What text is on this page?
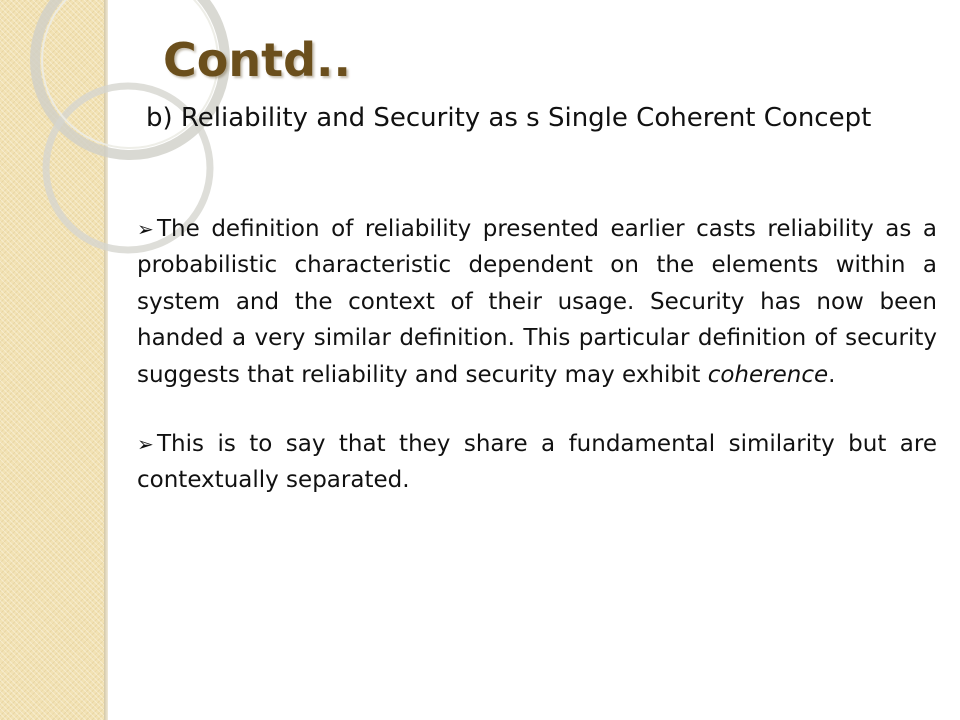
Contd..
b) Reliability and Security as s Single Coherent Concept
➢ The definition of reliability presented earlier casts reliability as a probabilistic characteristic dependent on the elements within a system and the context of their usage. Security has now been handed a very similar definition. This particular definition of security suggests that reliability and security may exhibit coherence.
➢ This is to say that they share a fundamental similarity but are contextually separated.
